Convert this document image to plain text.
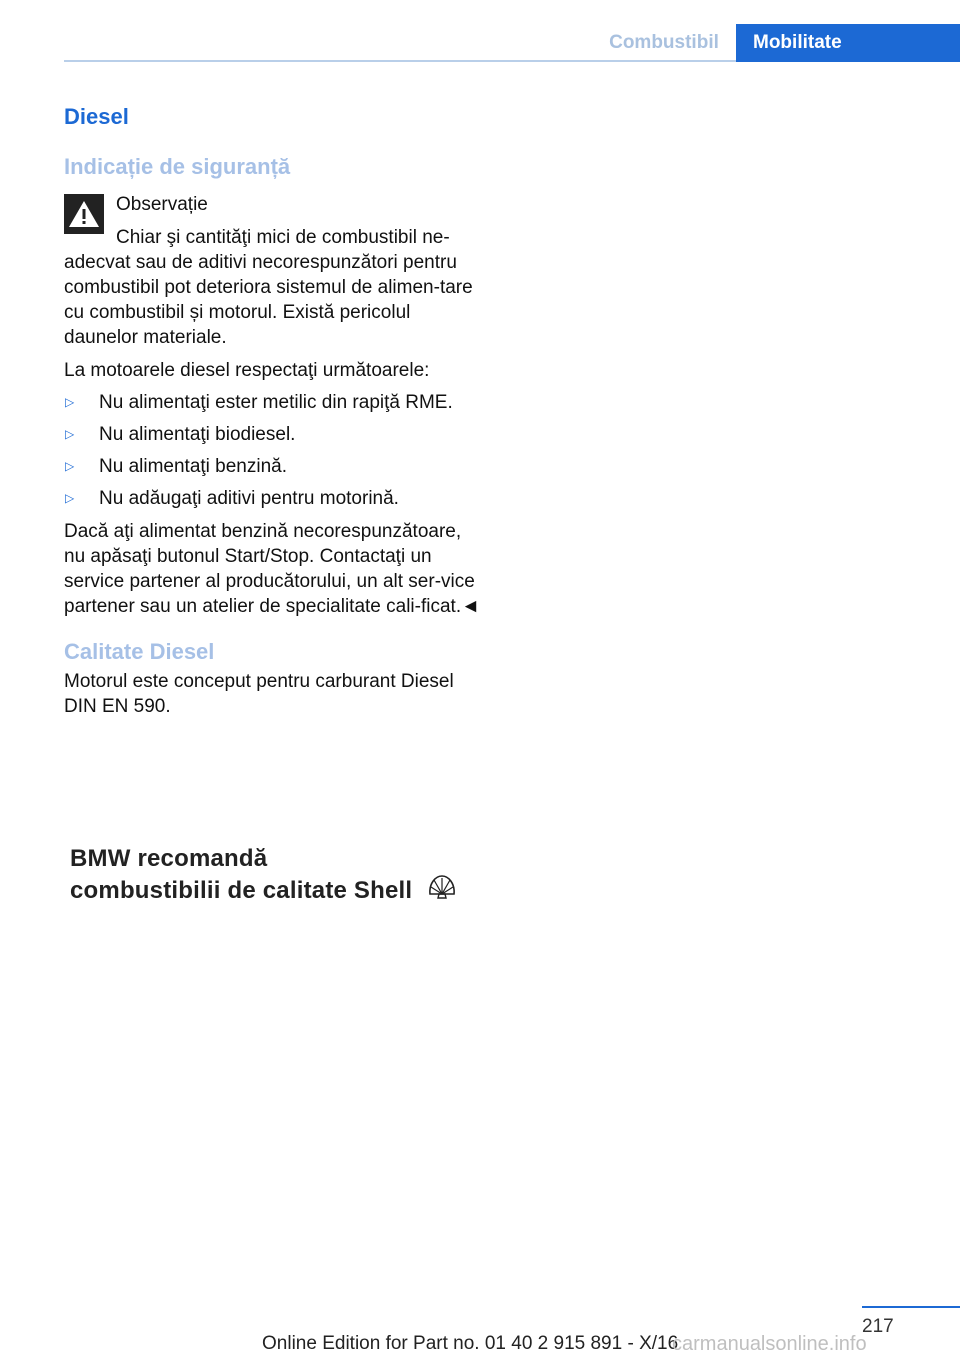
Combustibil	Mobilitate
Diesel
Indicație de siguranță

Observație

Chiar şi cantităţi mici de combustibil ne-

adecvat sau de aditivi necorespunzători pentru combustibil pot deteriora sistemul de alimen-tare cu combustibil și motorul. Există pericolul daunelor materiale.

La motoarele diesel respectaţi următoarele:

▷	Nu alimentaţi ester metilic din rapiţă RME.
▷	Nu alimentaţi biodiesel.
▷	Nu alimentaţi benzină.
▷	Nu adăugaţi aditivi pentru motorină.

Dacă aţi alimentat benzină necorespunzătoare, nu apăsaţi butonul Start/Stop. Contactaţi un service partener al producătorului, un alt ser-vice partener sau un atelier de specialitate cali-ficat.◄

Calitate Diesel

Motorul este conceput pentru carburant Diesel DIN EN 590.

BMW recomandă
combustibilii de calitate Shell
217
Online Edition for Part no. 01 40 2 915 891 - X/16
carmanualsonline.info
